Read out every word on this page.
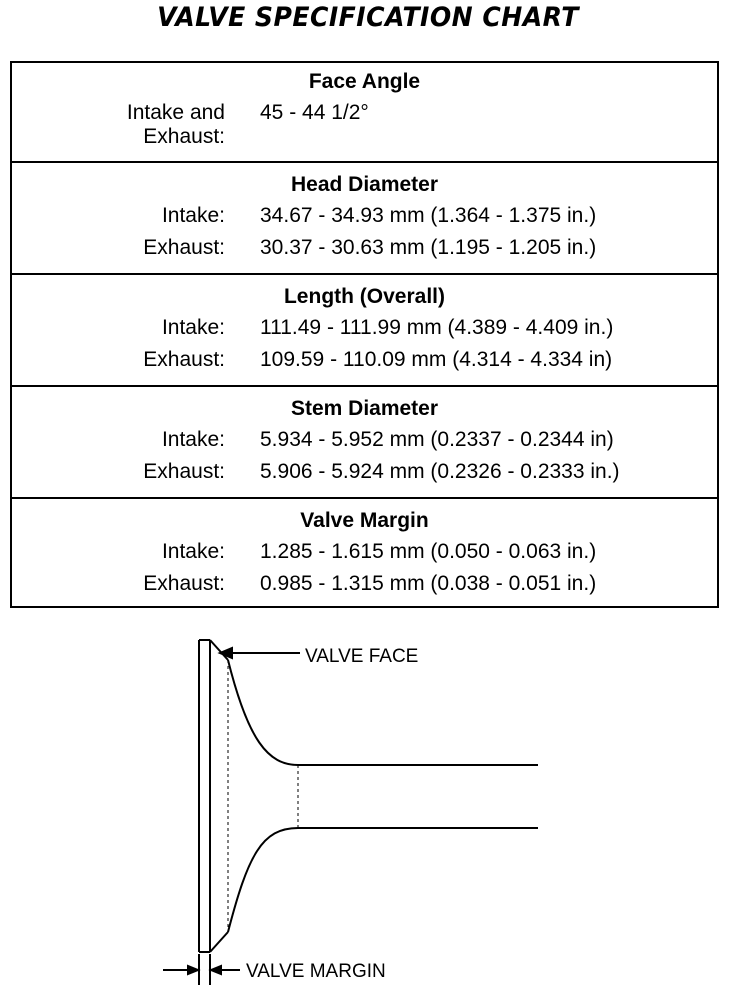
VALVE SPECIFICATION CHART
Face Angle
Intake and
Exhaust:
45 - 44 1/2°
Head Diameter
Intake: 34.67 - 34.93 mm (1.364 - 1.375 in.)
Exhaust: 30.37 - 30.63 mm (1.195 - 1.205 in.)
Length (Overall)
Intake: 111.49 - 111.99 mm (4.389 - 4.409 in.)
Exhaust: 109.59 - 110.09 mm (4.314 - 4.334 in)
Stem Diameter
Intake: 5.934 - 5.952 mm (0.2337 - 0.2344 in)
Exhaust: 5.906 - 5.924 mm (0.2326 - 0.2333 in.)
Valve Margin
Intake: 1.285 - 1.615 mm (0.050 - 0.063 in.)
Exhaust: 0.985 - 1.315 mm (0.038 - 0.051 in.)
VALVE FACE
VALVE MARGIN
